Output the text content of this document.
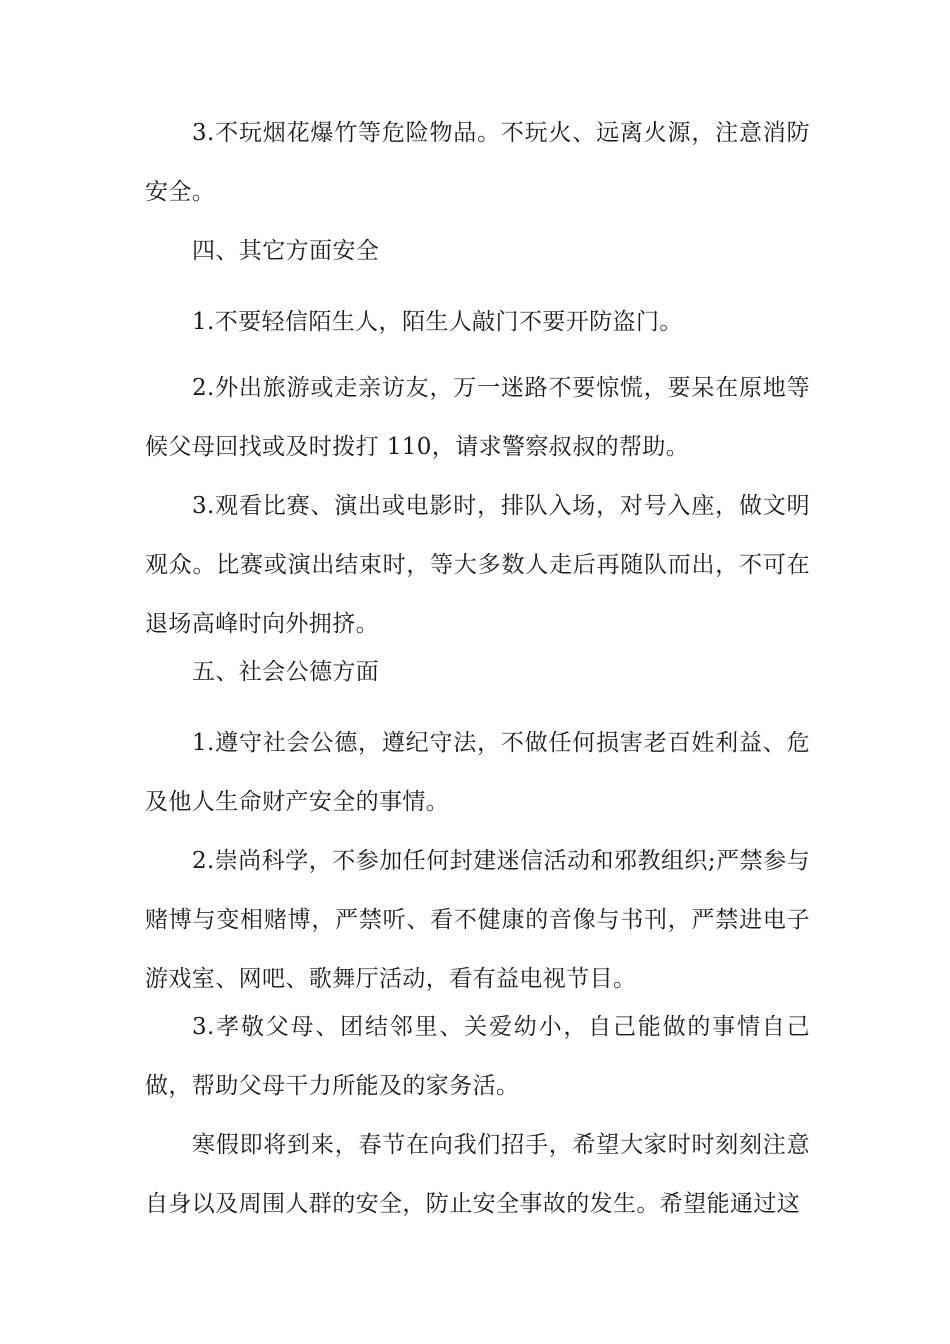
3.不玩烟花爆竹等危险物品。不玩火、远离火源，注意消防安全。

四、其它方面安全

1.不要轻信陌生人，陌生人敲门不要开防盗门。

2.外出旅游或走亲访友，万一迷路不要惊慌，要呆在原地等候父母回找或及时拨打 110，请求警察叔叔的帮助。

3.观看比赛、演出或电影时，排队入场，对号入座，做文明观众。比赛或演出结束时，等大多数人走后再随队而出，不可在退场高峰时向外拥挤。

五、社会公德方面

1.遵守社会公德，遵纪守法，不做任何损害老百姓利益、危及他人生命财产安全的事情。

2.崇尚科学，不参加任何封建迷信活动和邪教组织;严禁参与赌博与变相赌博，严禁听、看不健康的音像与书刊，严禁进电子游戏室、网吧、歌舞厅活动，看有益电视节目。

3.孝敬父母、团结邻里、关爱幼小，自己能做的事情自己做，帮助父母干力所能及的家务活。

寒假即将到来，春节在向我们招手，希望大家时时刻刻注意自身以及周围人群的安全，防止安全事故的发生。希望能通过这
